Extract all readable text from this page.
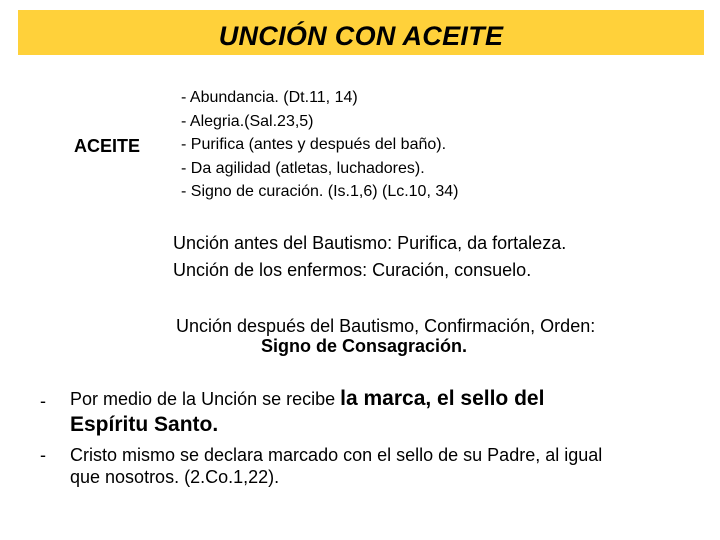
UNCIÓN CON ACEITE
ACEITE
- Abundancia. (Dt.11, 14)
- Alegria.(Sal.23,5)
- Purifica (antes y después del baño).
- Da agilidad (atletas, luchadores).
- Signo de curación. (Is.1,6) (Lc.10, 34)
Unción antes del Bautismo: Purifica, da fortaleza.
Unción de los enfermos: Curación, consuelo.
Unción después del Bautismo, Confirmación, Orden:
Signo de Consagración.
- Por medio de la Unción se recibe la marca, el sello del
Espíritu Santo.
- Cristo mismo se declara marcado con el sello de su Padre, al igual
que nosotros. (2.Co.1,22).
